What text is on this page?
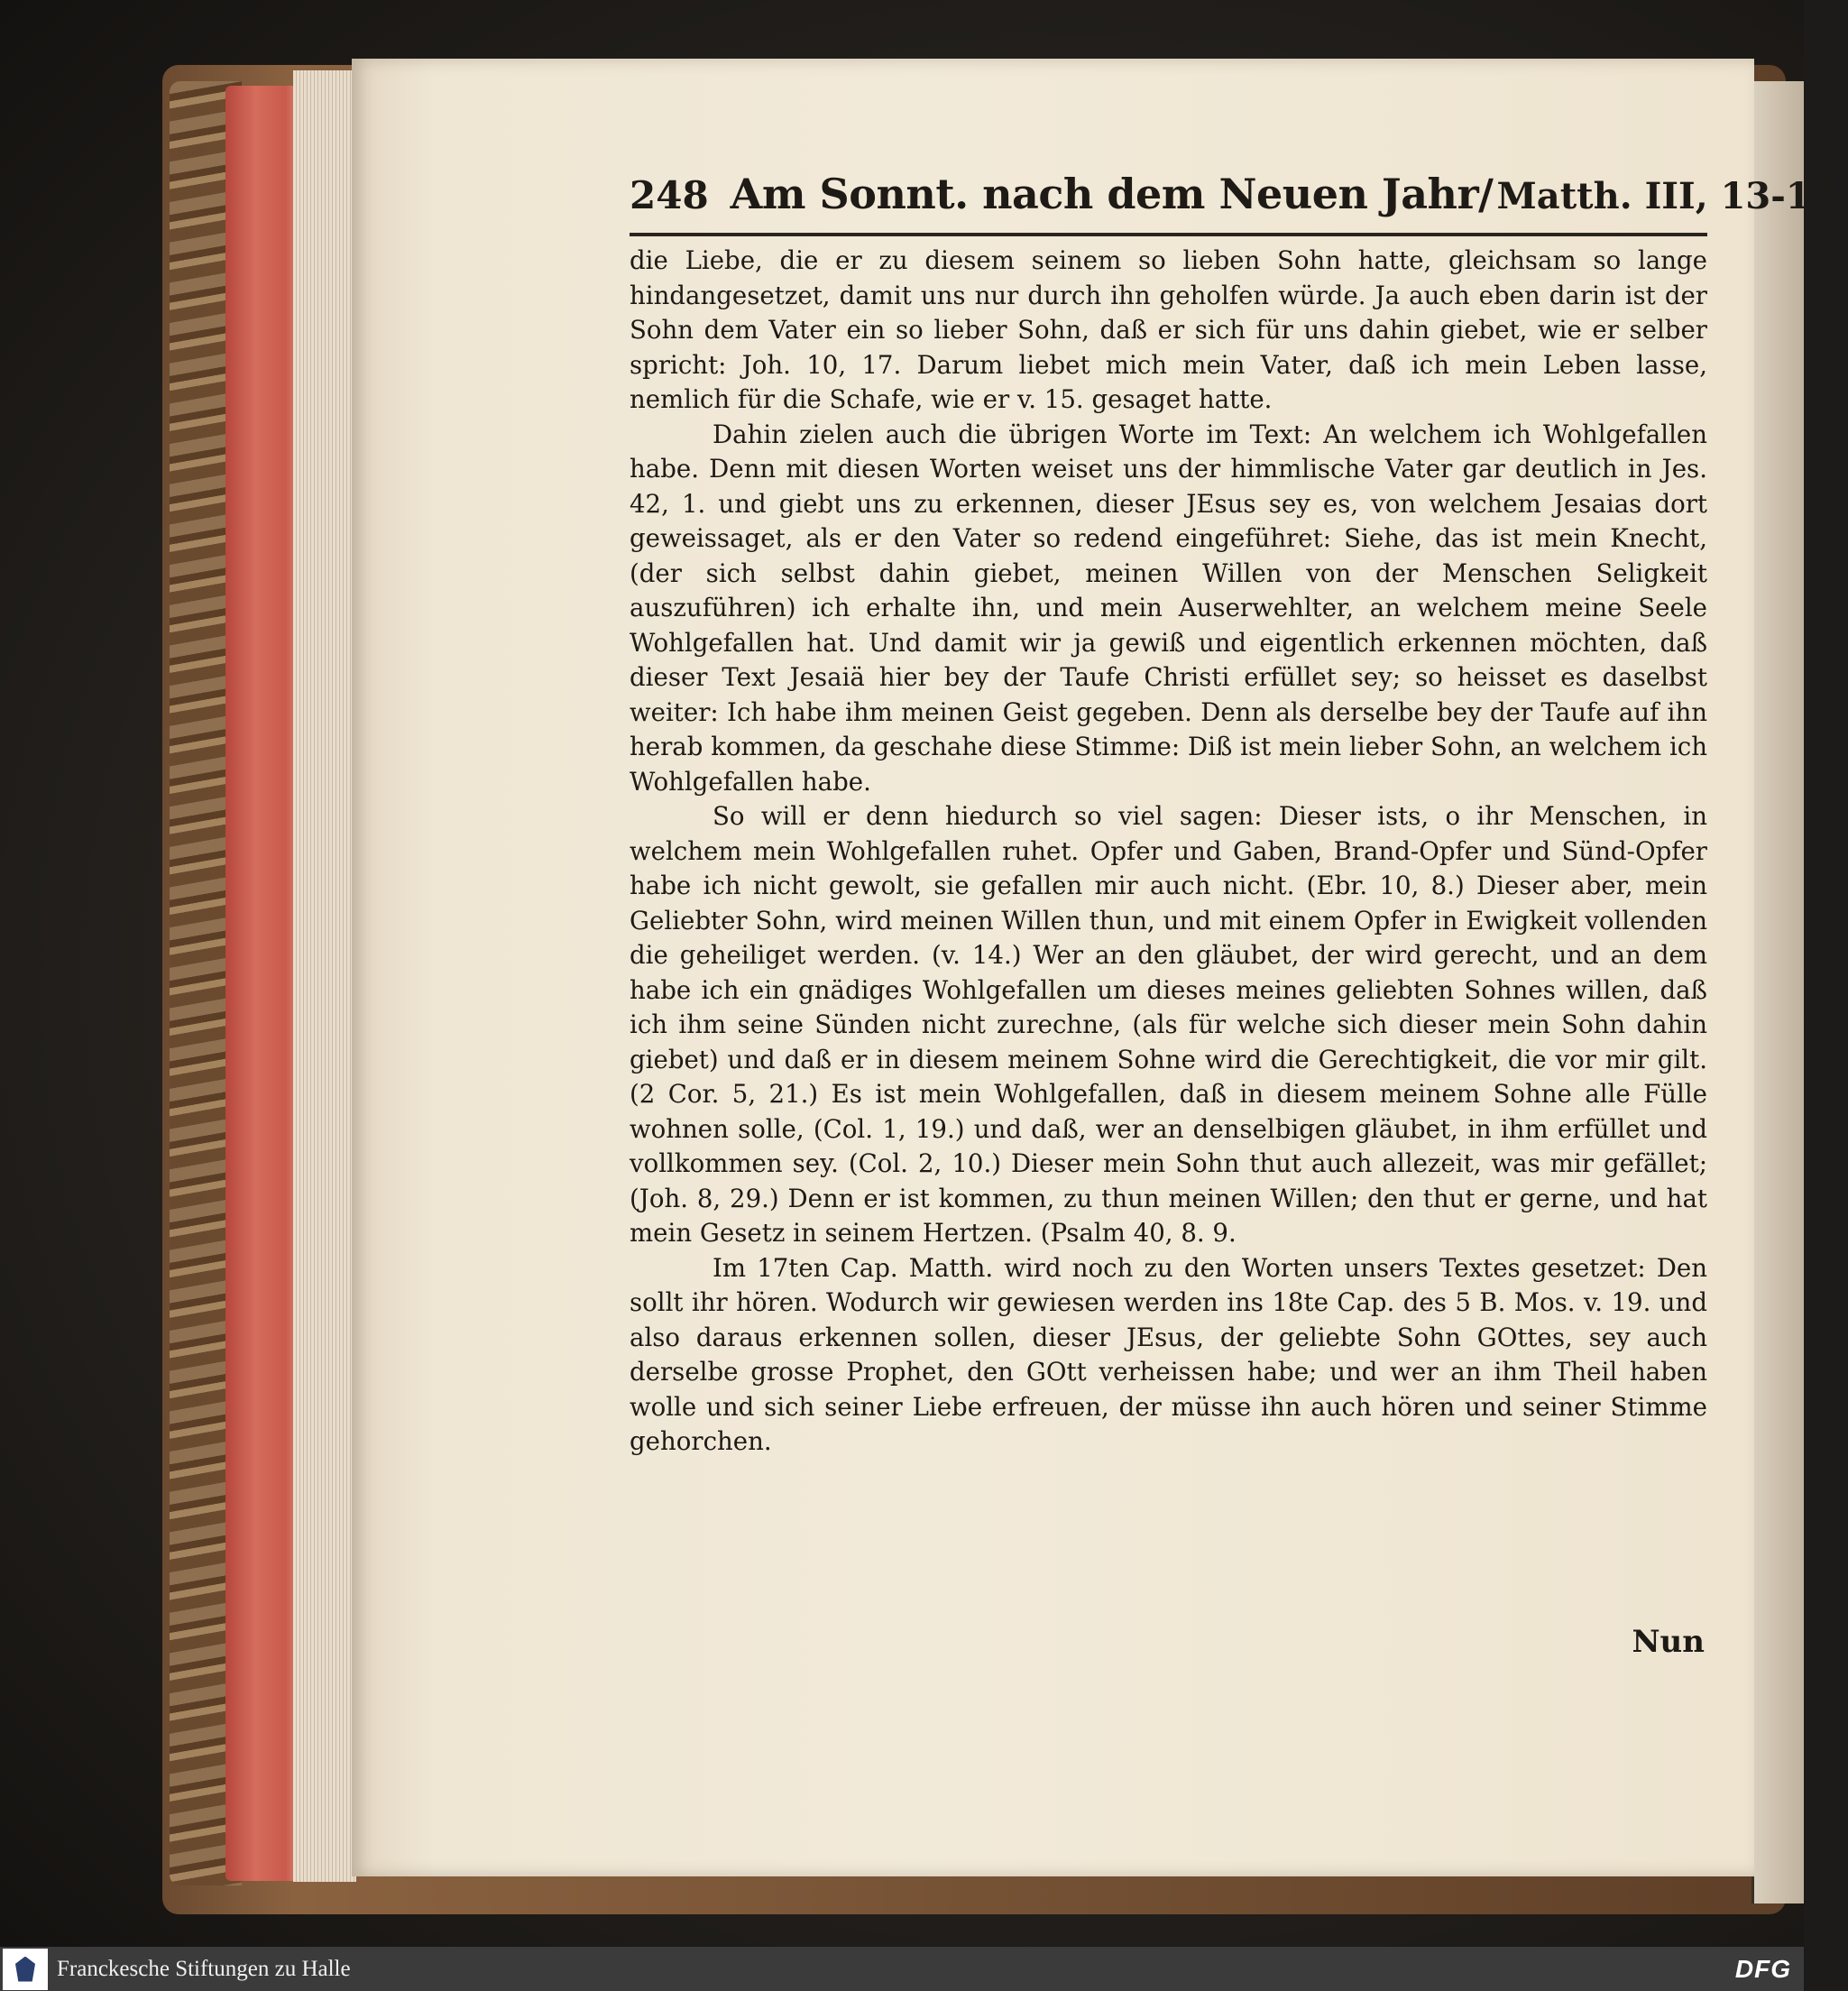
248 Am Sonnt. nach dem Neuen Jahr/ Matth. III, 13-17.

die Liebe, die er zu diesem seinem so lieben Sohn hatte, gleichsam so lange hindangesetzet, damit uns nur durch ihn geholfen würde. Ja auch eben darin ist der Sohn dem Vater ein so lieber Sohn, daß er sich für uns dahin giebet, wie er selber spricht: Joh. 10, 17. Darum liebet mich mein Vater, daß ich mein Leben lasse, nemlich für die Schafe, wie er v. 15. gesaget hatte.

Dahin zielen auch die übrigen Worte im Text: An welchem ich Wohlgefallen habe. Denn mit diesen Worten weiset uns der himmlische Vater gar deutlich in Jes. 42, 1. und giebt uns zu erkennen, dieser JEsus sey es, von welchem Jesaias dort geweissaget, als er den Vater so redend eingeführet: Siehe, das ist mein Knecht, (der sich selbst dahin giebet, meinen Willen von der Menschen Seligkeit auszuführen) ich erhalte ihn, und mein Auserwehlter, an welchem meine Seele Wohlgefallen hat. Und damit wir ja gewiß und eigentlich erkennen möchten, daß dieser Text Jesaiä hier bey der Taufe Christi erfüllet sey; so heisset es daselbst weiter: Ich habe ihm meinen Geist gegeben. Denn als derselbe bey der Taufe auf ihn herab kommen, da geschahe diese Stimme: Diß ist mein lieber Sohn, an welchem ich Wohlgefallen habe.

So will er denn hiedurch so viel sagen: Dieser ists, o ihr Menschen, in welchem mein Wohlgefallen ruhet. Opfer und Gaben, Brand-Opfer und Sünd-Opfer habe ich nicht gewolt, sie gefallen mir auch nicht. (Ebr. 10, 8.) Dieser aber, mein Geliebter Sohn, wird meinen Willen thun, und mit einem Opfer in Ewigkeit vollenden die geheiliget werden. (v. 14.) Wer an den gläubet, der wird gerecht, und an dem habe ich ein gnädiges Wohlgefallen um dieses meines geliebten Sohnes willen, daß ich ihm seine Sünden nicht zurechne, (als für welche sich dieser mein Sohn dahin giebet) und daß er in diesem meinem Sohne wird die Gerechtigkeit, die vor mir gilt. (2 Cor. 5, 21.) Es ist mein Wohlgefallen, daß in diesem meinem Sohne alle Fülle wohnen solle, (Col. 1, 19.) und daß, wer an denselbigen gläubet, in ihm erfüllet und vollkommen sey. (Col. 2, 10.) Dieser mein Sohn thut auch allezeit, was mir gefället; (Joh. 8, 29.) Denn er ist kommen, zu thun meinen Willen; den thut er gerne, und hat mein Gesetz in seinem Hertzen. (Psalm 40, 8. 9.

Im 17ten Cap. Matth. wird noch zu den Worten unsers Textes gesetzet: Den sollt ihr hören. Wodurch wir gewiesen werden ins 18te Cap. des 5 B. Mos. v. 19. und also daraus erkennen sollen, dieser JEsus, der geliebte Sohn GOttes, sey auch derselbe grosse Prophet, den GOtt verheissen habe; und wer an ihm Theil haben wolle und sich seiner Liebe erfreuen, der müsse ihn auch hören und seiner Stimme gehorchen.

Nun
Franckesche Stiftungen zu Halle	DFG
